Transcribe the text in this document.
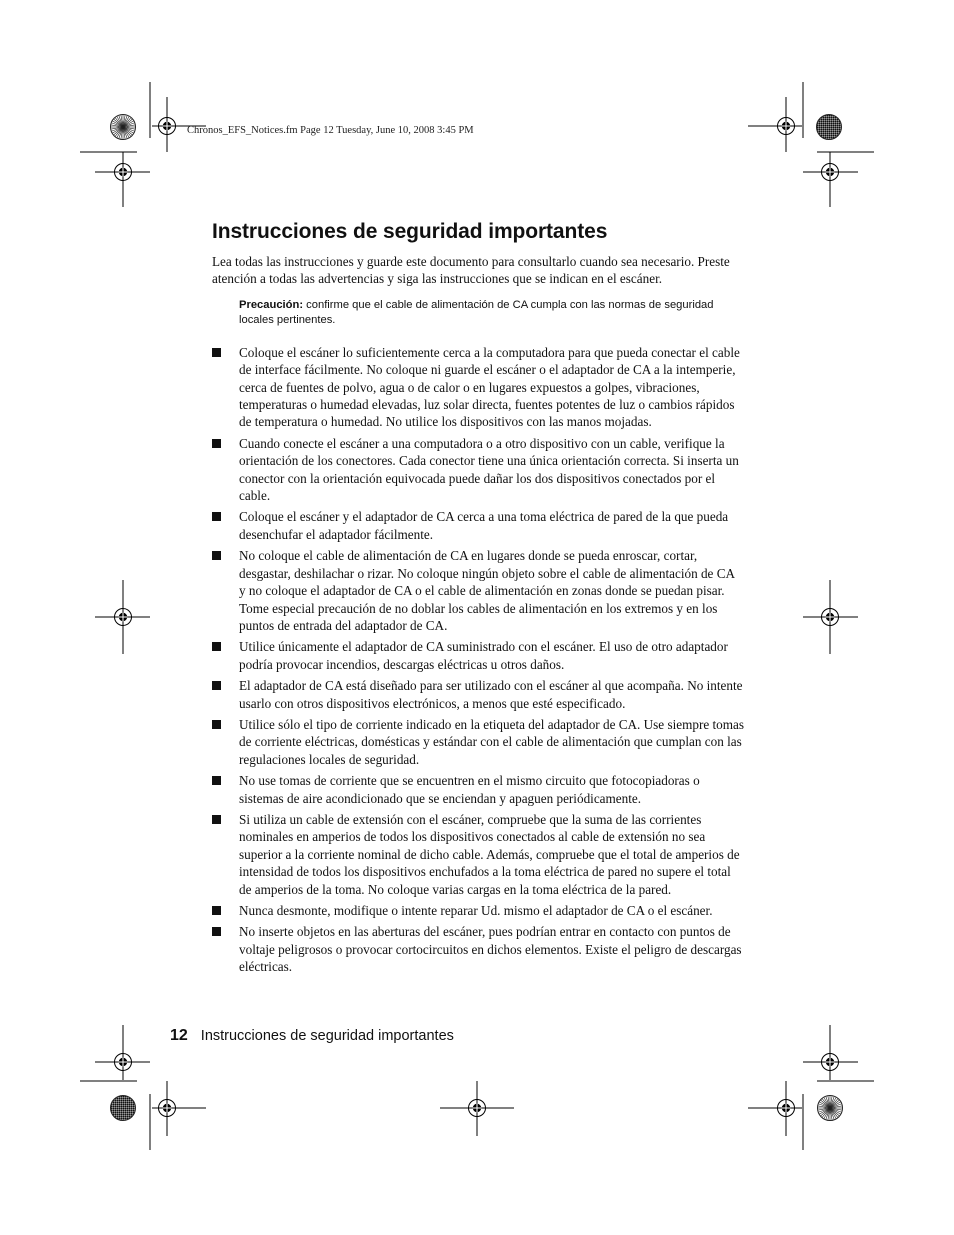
Chronos_EFS_Notices.fm Page 12 Tuesday, June 10, 2008 3:45 PM
Instrucciones de seguridad importantes

Lea todas las instrucciones y guarde este documento para consultarlo cuando sea necesario. Preste atención a todas las advertencias y siga las instrucciones que se indican en el escáner.

Precaución: confirme que el cable de alimentación de CA cumpla con las normas de seguridad locales pertinentes.

Coloque el escáner lo suficientemente cerca a la computadora para que pueda conectar el cable de interface fácilmente. No coloque ni guarde el escáner o el adaptador de CA a la intemperie, cerca de fuentes de polvo, agua o de calor o en lugares expuestos a golpes, vibraciones, temperaturas o humedad elevadas, luz solar directa, fuentes potentes de luz o cambios rápidos de temperatura o humedad. No utilice los dispositivos con las manos mojadas.
Cuando conecte el escáner a una computadora o a otro dispositivo con un cable, verifique la orientación de los conectores. Cada conector tiene una única orientación correcta. Si inserta un conector con la orientación equivocada puede dañar los dos dispositivos conectados por el cable.
Coloque el escáner y el adaptador de CA cerca a una toma eléctrica de pared de la que pueda desenchufar el adaptador fácilmente.
No coloque el cable de alimentación de CA en lugares donde se pueda enroscar, cortar, desgastar, deshilachar o rizar. No coloque ningún objeto sobre el cable de alimentación de CA y no coloque el adaptador de CA o el cable de alimentación en zonas donde se puedan pisar. Tome especial precaución de no doblar los cables de alimentación en los extremos y en los puntos de entrada del adaptador de CA.
Utilice únicamente el adaptador de CA suministrado con el escáner. El uso de otro adaptador podría provocar incendios, descargas eléctricas u otros daños.
El adaptador de CA está diseñado para ser utilizado con el escáner al que acompaña. No intente usarlo con otros dispositivos electrónicos, a menos que esté especificado.
Utilice sólo el tipo de corriente indicado en la etiqueta del adaptador de CA. Use siempre tomas de corriente eléctricas, domésticas y estándar con el cable de alimentación que cumplan con las regulaciones locales de seguridad.
No use tomas de corriente que se encuentren en el mismo circuito que fotocopiadoras o sistemas de aire acondicionado que se enciendan y apaguen periódicamente.
Si utiliza un cable de extensión con el escáner, compruebe que la suma de las corrientes nominales en amperios de todos los dispositivos conectados al cable de extensión no sea superior a la corriente nominal de dicho cable. Además, compruebe que el total de amperios de intensidad de todos los dispositivos enchufados a la toma eléctrica de pared no supere el total de amperios de la toma. No coloque varias cargas en la toma eléctrica de la pared.
Nunca desmonte, modifique o intente reparar Ud. mismo el adaptador de CA o el escáner.
No inserte objetos en las aberturas del escáner, pues podrían entrar en contacto con puntos de voltaje peligrosos o provocar cortocircuitos en dichos elementos. Existe el peligro de descargas eléctricas.
12 Instrucciones de seguridad importantes
